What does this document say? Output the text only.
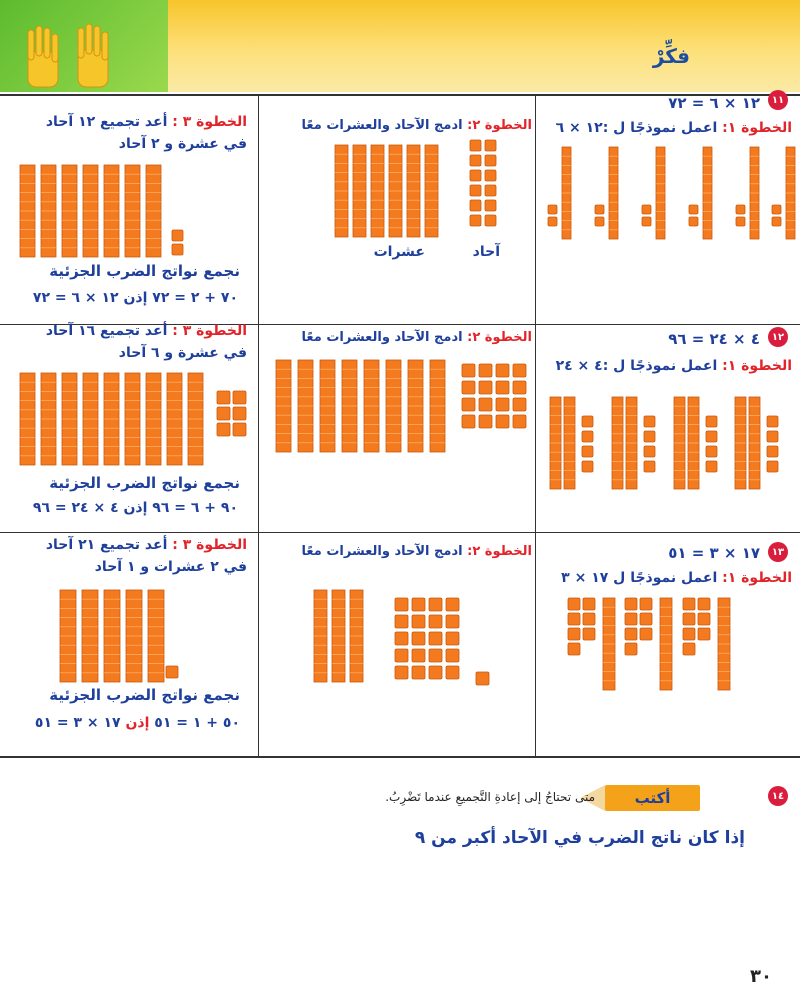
فكِّرْ
١١
١٢ × ٦ = ٧٢
الخطوة ١: اعمل نموذجًا ل :١٢ × ٦
الخطوة ٢: ادمج الآحاد والعشرات معًا
الخطوة ٣ : أعد تجميع ١٢ آحاد
في عشرة و ٢ آحاد
آحاد
عشرات
نجمع نواتج الضرب الجزئية
٧٠ + ٢ = ٧٢ إذن ١٢ × ٦ = ٧٢
١٢
٤ × ٢٤ = ٩٦
الخطوة ١: اعمل نموذجًا ل :٤ × ٢٤
الخطوة ٢: ادمج الآحاد والعشرات معًا
الخطوة ٣ : أعد تجميع ١٦ آحاد
في عشرة و ٦ آحاد
نجمع نواتج الضرب الجزئية
٩٠ + ٦ = ٩٦ إذن ٤ × ٢٤ = ٩٦
١٣
١٧ × ٣ = ٥١
الخطوة ١: اعمل نموذجًا ل ١٧ × ٣
الخطوة ٢: ادمج الآحاد والعشرات معًا
الخطوة ٣ : أعد تجميع ٢١ آحاد
في ٢ عشرات و ١ آحاد
نجمع نواتج الضرب الجزئية
٥٠ + ١ = ٥١ إذن ١٧ × ٣ = ٥١
١٤
أكتب
متى تحتاجُ إلى إعادةِ التَّجميعِ عندما تَضْرِبُ.
إذا كان ناتج الضرب في الآحاد أكبر من ٩
٣٠
